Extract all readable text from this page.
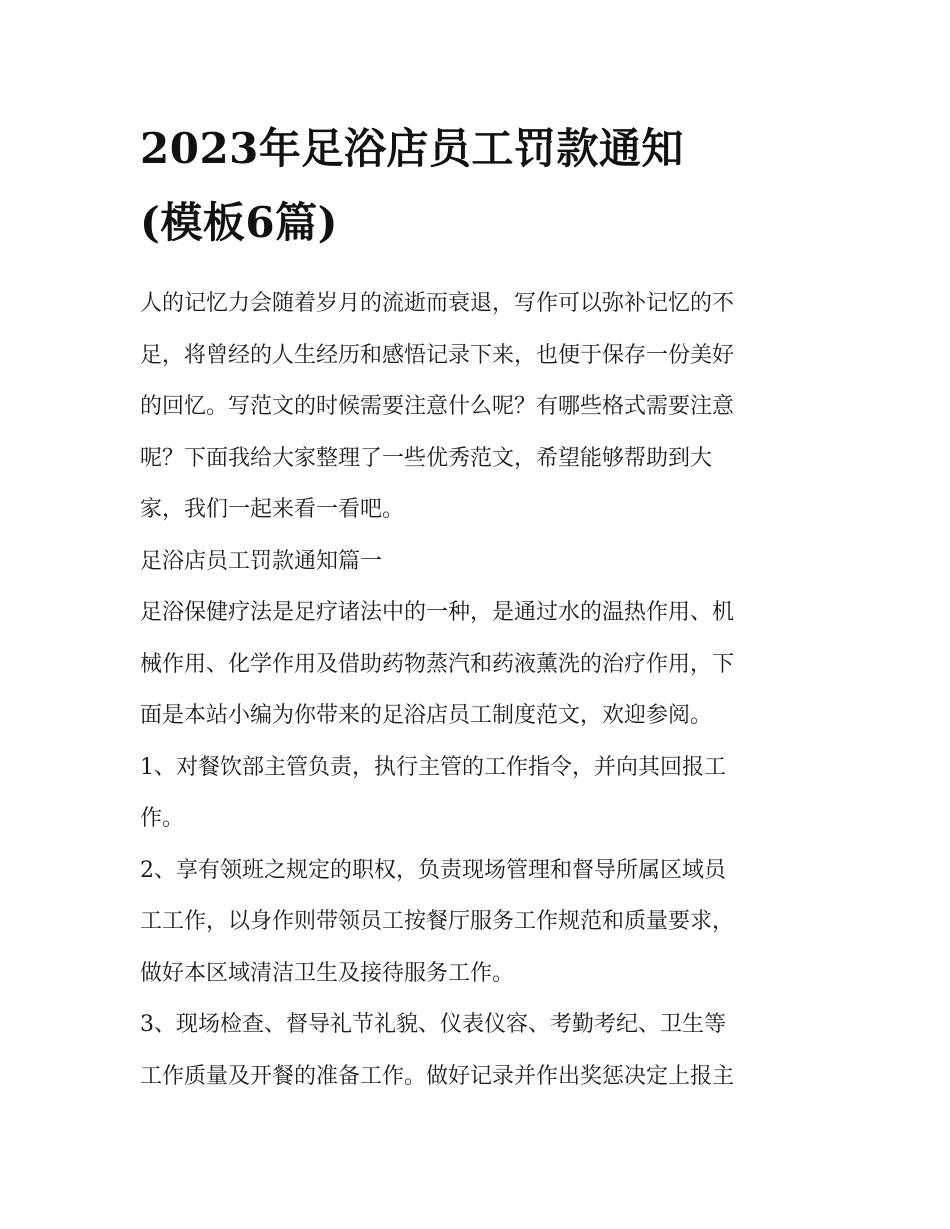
2023年足浴店员工罚款通知
(模板6篇)

人的记忆力会随着岁月的流逝而衰退，写作可以弥补记忆的不
足，将曾经的人生经历和感悟记录下来，也便于保存一份美好
的回忆。写范文的时候需要注意什么呢？有哪些格式需要注意
呢？下面我给大家整理了一些优秀范文，希望能够帮助到大
家，我们一起来看一看吧。

足浴店员工罚款通知篇一

足浴保健疗法是足疗诸法中的一种，是通过水的温热作用、机
械作用、化学作用及借助药物蒸汽和药液薰洗的治疗作用，下
面是本站小编为你带来的足浴店员工制度范文，欢迎参阅。

1、对餐饮部主管负责，执行主管的工作指令，并向其回报工
作。

2、享有领班之规定的职权，负责现场管理和督导所属区域员
工工作，以身作则带领员工按餐厅服务工作规范和质量要求，
做好本区域清洁卫生及接待服务工作。

3、现场检查、督导礼节礼貌、仪表仪容、考勤考纪、卫生等
工作质量及开餐的准备工作。做好记录并作出奖惩决定上报主
